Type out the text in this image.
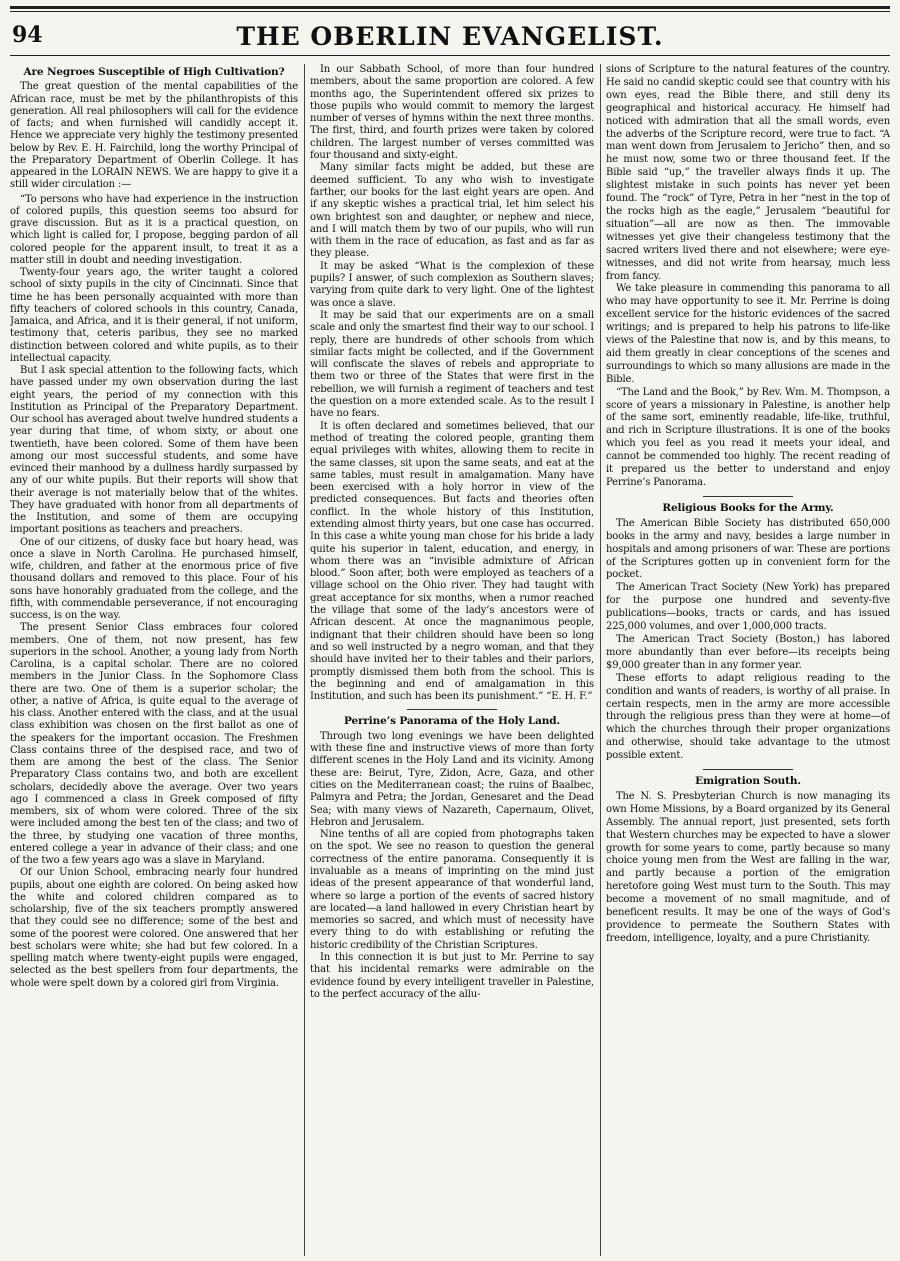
94	THE OBERLIN EVANGELIST.
Are Negroes Susceptible of High Cultivation?

The great question of the mental capabilities of the African race, must be met by the philanthropists of this generation. All real philosophers will call for the evidence of facts; and when furnished will candidly accept it. Hence we appreciate very highly the testimony presented below by Rev. E. H. Fairchild, long the worthy Principal of the Preparatory Department of Oberlin College. It has appeared in the LORAIN NEWS. We are happy to give it a still wider circulation :—

“To persons who have had experience in the instruction of colored pupils, this question seems too absurd for grave discussion. But as it is a practical question, on which light is called for, I propose, begging pardon of all colored people for the apparent insult, to treat it as a matter still in doubt and needing investigation.

Twenty-four years ago, the writer taught a colored school of sixty pupils in the city of Cincinnati. Since that time he has been personally acquainted with more than fifty teachers of colored schools in this country, Canada, Jamaica, and Africa, and it is their general, if not uniform, testimony that, ceteris paribus, they see no marked distinction between colored and white pupils, as to their intellectual capacity.

But I ask special attention to the following facts, which have passed under my own observation during the last eight years, the period of my connection with this Institution as Principal of the Preparatory Department. Our school has averaged about twelve hundred students a year during that time, of whom sixty, or about one twentieth, have been colored. Some of them have been among our most successful students, and some have evinced their manhood by a dullness hardly surpassed by any of our white pupils. But their reports will show that their average is not materially below that of the whites. They have graduated with honor from all departments of the Institution, and some of them are occupying important positions as teachers and preachers.

One of our citizens, of dusky face but hoary head, was once a slave in North Carolina. He purchased himself, wife, children, and father at the enormous price of five thousand dollars and removed to this place. Four of his sons have honorably graduated from the college, and the fifth, with commendable perseverance, if not encouraging success, is on the way.

The present Senior Class embraces four colored members. One of them, not now present, has few superiors in the school. Another, a young lady from North Carolina, is a capital scholar. There are no colored members in the Junior Class. In the Sophomore Class there are two. One of them is a superior scholar; the other, a native of Africa, is quite equal to the average of his class. Another entered with the class, and at the usual class exhibition was chosen on the first ballot as one of the speakers for the important occasion. The Freshmen Class contains three of the despised race, and two of them are among the best of the class. The Senior Preparatory Class contains two, and both are excellent scholars, decidedly above the average. Over two years ago I commenced a class in Greek composed of fifty members, six of whom were colored. Three of the six were included among the best ten of the class; and two of the three, by studying one vacation of three months, entered college a year in advance of their class; and one of the two a few years ago was a slave in Maryland.

Of our Union School, embracing nearly four hundred pupils, about one eighth are colored. On being asked how the white and colored children compared as to scholarship, five of the six teachers promptly answered that they could see no difference; some of the best and some of the poorest were colored. One answered that her best scholars were white; she had but few colored. In a spelling match where twenty-eight pupils were engaged, selected as the best spellers from four departments, the whole were spelt down by a colored girl from Virginia.

In our Sabbath School, of more than four hundred members, about the same proportion are colored. A few months ago, the Superintendent offered six prizes to those pupils who would commit to memory the largest number of verses of hymns within the next three months. The first, third, and fourth prizes were taken by colored children. The largest number of verses committed was four thousand and sixty-eight.

Many similar facts might be added, but these are deemed sufficient. To any who wish to investigate farther, our books for the last eight years are open. And if any skeptic wishes a practical trial, let him select his own brightest son and daughter, or nephew and niece, and I will match them by two of our pupils, who will run with them in the race of education, as fast and as far as they please.

It may be asked “What is the complexion of these pupils? I answer, of such complexion as Southern slaves; varying from quite dark to very light. One of the lightest was once a slave.

It may be said that our experiments are on a small scale and only the smartest find their way to our school. I reply, there are hundreds of other schools from which similar facts might be collected, and if the Government will confiscate the slaves of rebels and appropriate to them two or three of the States that were first in the rebellion, we will furnish a regiment of teachers and test the question on a more extended scale. As to the result I have no fears.

It is often declared and sometimes believed, that our method of treating the colored people, granting them equal privileges with whites, allowing them to recite in the same classes, sit upon the same seats, and eat at the same tables, must result in amalgamation. Many have been exercised with a holy horror in view of the predicted consequences. But facts and theories often conflict. In the whole history of this Institution, extending almost thirty years, but one case has occurred. In this case a white young man chose for his bride a lady quite his superior in talent, education, and energy, in whom there was an “invisible admixture of African blood.” Soon after, both were employed as teachers of a village school on the Ohio river. They had taught with great acceptance for six months, when a rumor reached the village that some of the lady’s ancestors were of African descent. At once the magnanimous people, indignant that their children should have been so long and so well instructed by a negro woman, and that they should have invited her to their tables and their parlors, promptly dismissed them both from the school. This is the beginning and end of amalgamation in this Institution, and such has been its punishment.” “E. H. F.”

Perrine’s Panorama of the Holy Land.

Through two long evenings we have been delighted with these fine and instructive views of more than forty different scenes in the Holy Land and its vicinity. Among these are: Beirut, Tyre, Zidon, Acre, Gaza, and other cities on the Mediterranean coast; the ruins of Baalbec, Palmyra and Petra; the Jordan, Genesaret and the Dead Sea; with many views of Nazareth, Capernaum, Olivet, Hebron and Jerusalem.

Nine tenths of all are copied from photographs taken on the spot. We see no reason to question the general correctness of the entire panorama. Consequently it is invaluable as a means of imprinting on the mind just ideas of the present appearance of that wonderful land, where so large a portion of the events of sacred history are located—a land hallowed in every Christian heart by memories so sacred, and which must of necessity have every thing to do with establishing or refuting the historic credibility of the Christian Scriptures.

In this connection it is but just to Mr. Perrine to say that his incidental remarks were admirable on the evidence found by every intelligent traveller in Palestine, to the perfect accuracy of the allu-

sions of Scripture to the natural features of the country. He said no candid skeptic could see that country with his own eyes, read the Bible there, and still deny its geographical and historical accuracy. He himself had noticed with admiration that all the small words, even the adverbs of the Scripture record, were true to fact. “A man went down from Jerusalem to Jericho” then, and so he must now, some two or three thousand feet. If the Bible said “up,” the traveller always finds it up. The slightest mistake in such points has never yet been found. The “rock” of Tyre, Petra in her “nest in the top of the rocks high as the eagle,” Jerusalem “beautiful for situation”—all are now as then. The immovable witnesses yet give their changeless testimony that the sacred writers lived there and not elsewhere; were eye-witnesses, and did not write from hearsay, much less from fancy.

We take pleasure in commending this panorama to all who may have opportunity to see it. Mr. Perrine is doing excellent service for the historic evidences of the sacred writings; and is prepared to help his patrons to life-like views of the Palestine that now is, and by this means, to aid them greatly in clear conceptions of the scenes and surroundings to which so many allusions are made in the Bible.

“The Land and the Book,” by Rev. Wm. M. Thompson, a score of years a missionary in Palestine, is another help of the same sort, eminently readable, life-like, truthful, and rich in Scripture illustrations. It is one of the books which you feel as you read it meets your ideal, and cannot be commended too highly. The recent reading of it prepared us the better to understand and enjoy Perrine’s Panorama.

Religious Books for the Army.

The American Bible Society has distributed 650,000 books in the army and navy, besides a large number in hospitals and among prisoners of war. These are portions of the Scriptures gotten up in convenient form for the pocket.

The American Tract Society (New York) has prepared for the purpose one hundred and seventy-five publications—books, tracts or cards, and has issued 225,000 volumes, and over 1,000,000 tracts.

The American Tract Society (Boston,) has labored more abundantly than ever before—its receipts being $9,000 greater than in any former year.

These efforts to adapt religious reading to the condition and wants of readers, is worthy of all praise. In certain respects, men in the army are more accessible through the religious press than they were at home—of which the churches through their proper organizations and otherwise, should take advantage to the utmost possible extent.

Emigration South.

The N. S. Presbyterian Church is now managing its own Home Missions, by a Board organized by its General Assembly. The annual report, just presented, sets forth that Western churches may be expected to have a slower growth for some years to come, partly because so many choice young men from the West are falling in the war, and partly because a portion of the emigration heretofore going West must turn to the South. This may become a movement of no small magnitude, and of beneficent results. It may be one of the ways of God’s providence to permeate the Southern States with freedom, intelligence, loyalty, and a pure Christianity.
